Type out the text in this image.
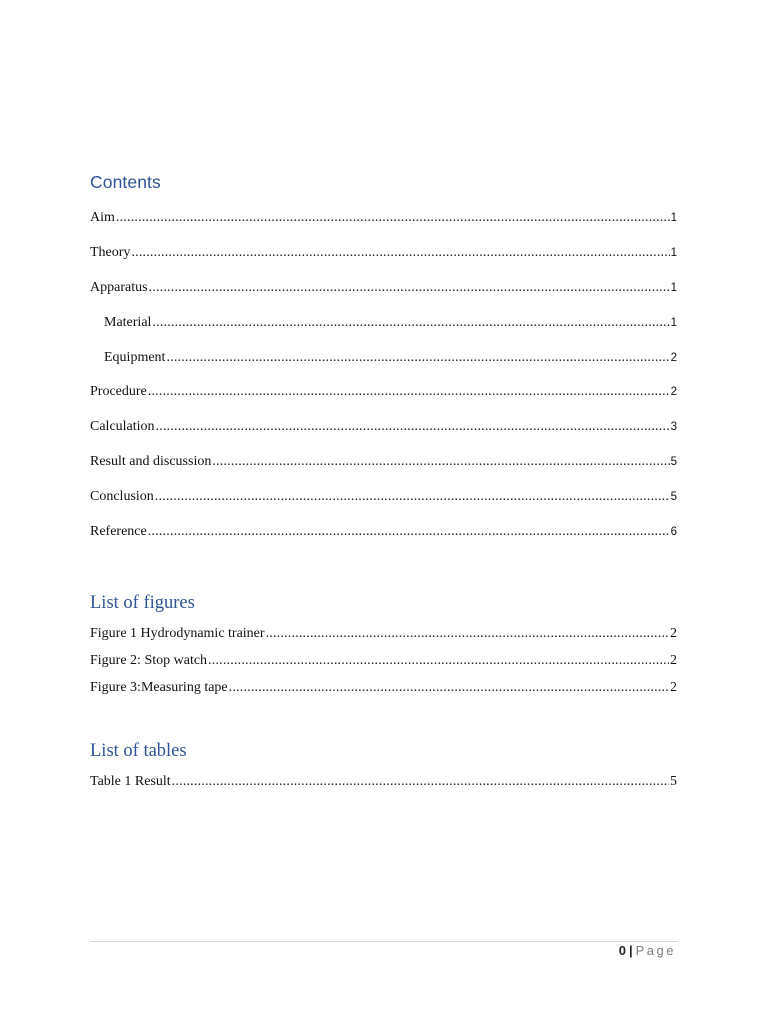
Contents
Aim .....	1
Theory .....	1
Apparatus .....	1
Material .....	1
Equipment .....	2
Procedure .....	2
Calculation .....	3
Result and discussion .....	5
Conclusion .....	5
Reference .....	6
List of figures
Figure 1 Hydrodynamic trainer .....	2
Figure 2: Stop watch .....	2
Figure 3:Measuring tape .....	2
List of tables
Table 1 Result .....	5
0 | Page
